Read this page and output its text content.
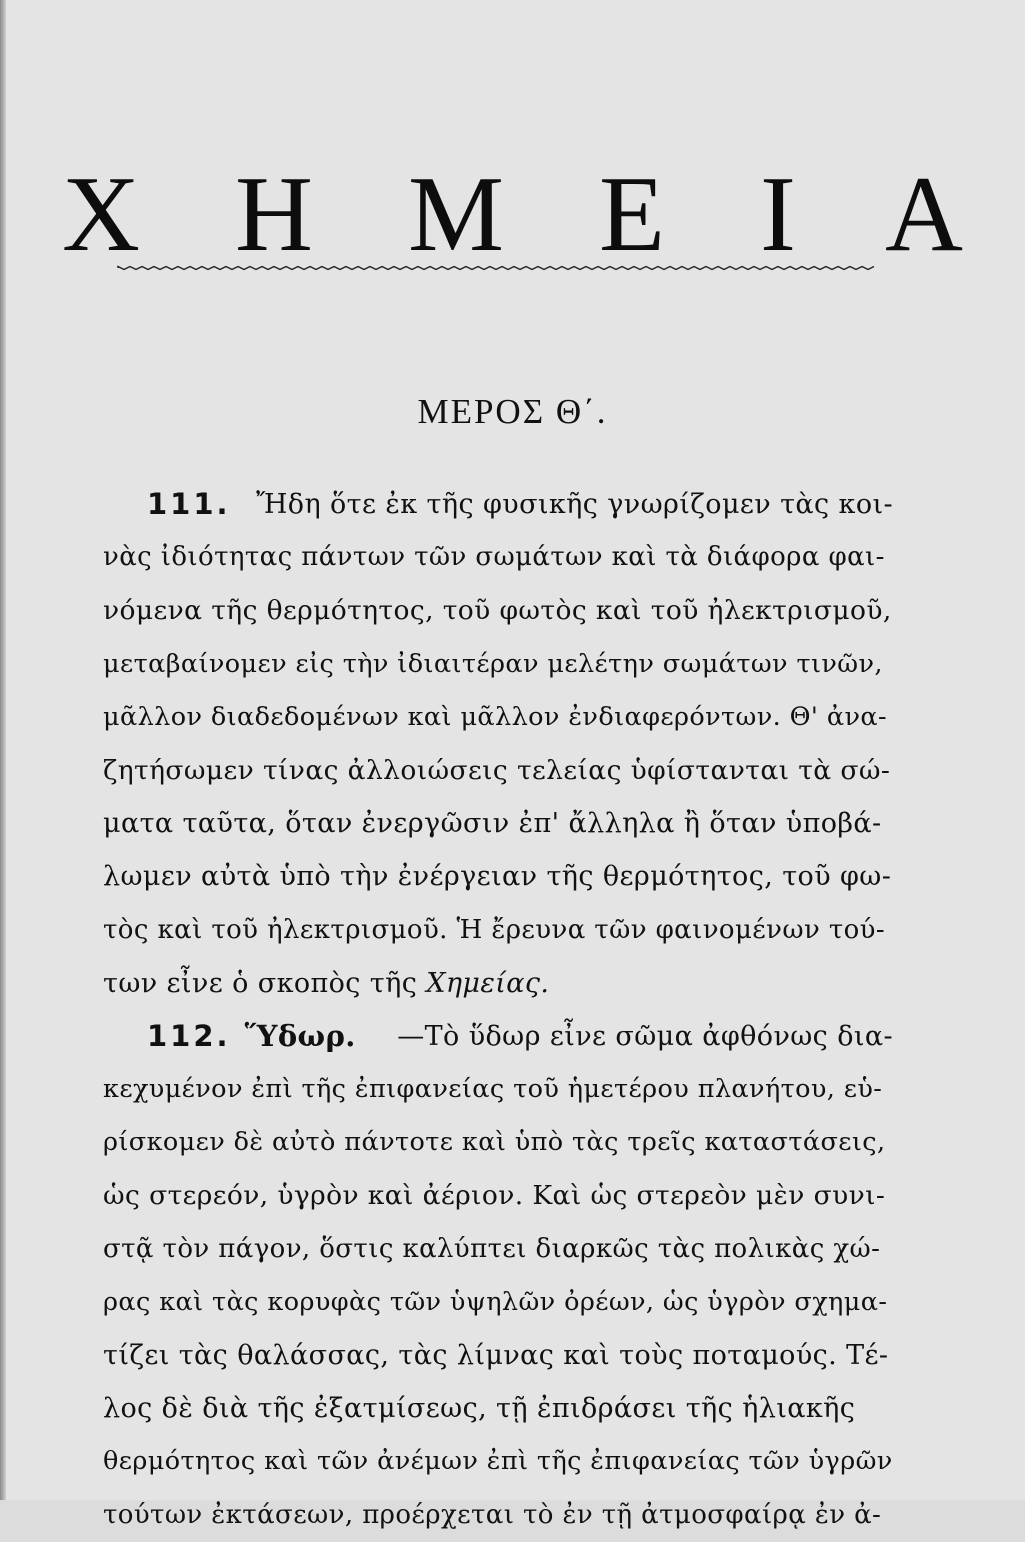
Χ Η Μ Ε Ι Α
ΜΕΡΟΣ Θ΄.
111. Ἤδη ὅτε ἐκ τῆς φυσικῆς γνωρίζομεν τὰς κοι-
νὰς ἰδιότητας πάντων τῶν σωμάτων καὶ τὰ διάφορα φαι-
νόμενα τῆς θερμότητος, τοῦ φωτὸς καὶ τοῦ ἠλεκτρισμοῦ,
μεταβαίνομεν εἰς τὴν ἰδιαιτέραν μελέτην σωμάτων τινῶν,
μᾶλλον διαδεδομένων καὶ μᾶλλον ἐνδιαφερόντων. Θ' ἀνα-
ζητήσωμεν τίνας ἀλλοιώσεις τελείας ὑφίστανται τὰ σώ-
ματα ταῦτα, ὅταν ἐνεργῶσιν ἐπ' ἄλληλα ἢ ὅταν ὑποβά-
λωμεν αὐτὰ ὑπὸ τὴν ἐνέργειαν τῆς θερμότητος, τοῦ φω-
τὸς καὶ τοῦ ἠλεκτρισμοῦ. Ἡ ἔρευνα τῶν φαινομένων τού-
των εἶνε ὁ σκοπὸς τῆς Χημείας.
112. Ὕδωρ. —Τὸ ὕδωρ εἶνε σῶμα ἀφθόνως δια-
κεχυμένον ἐπὶ τῆς ἐπιφανείας τοῦ ἡμετέρου πλανήτου, εὑ-
ρίσκομεν δὲ αὐτὸ πάντοτε καὶ ὑπὸ τὰς τρεῖς καταστάσεις,
ὡς στερεόν, ὑγρὸν καὶ ἀέριον. Καὶ ὡς στερεὸν μὲν συνι-
στᾷ τὸν πάγον, ὅστις καλύπτει διαρκῶς τὰς πολικὰς χώ-
ρας καὶ τὰς κορυφὰς τῶν ὑψηλῶν ὀρέων, ὡς ὑγρὸν σχημα-
τίζει τὰς θαλάσσας, τὰς λίμνας καὶ τοὺς ποταμούς. Τέ-
λος δὲ διὰ τῆς ἐξατμίσεως, τῇ ἐπιδράσει τῆς ἡλιακῆς
θερμότητος καὶ τῶν ἀνέμων ἐπὶ τῆς ἐπιφανείας τῶν ὑγρῶν
τούτων ἐκτάσεων, προέρχεται τὸ ἐν τῇ ἀτμοσφαίρᾳ ἐν ἀ-
